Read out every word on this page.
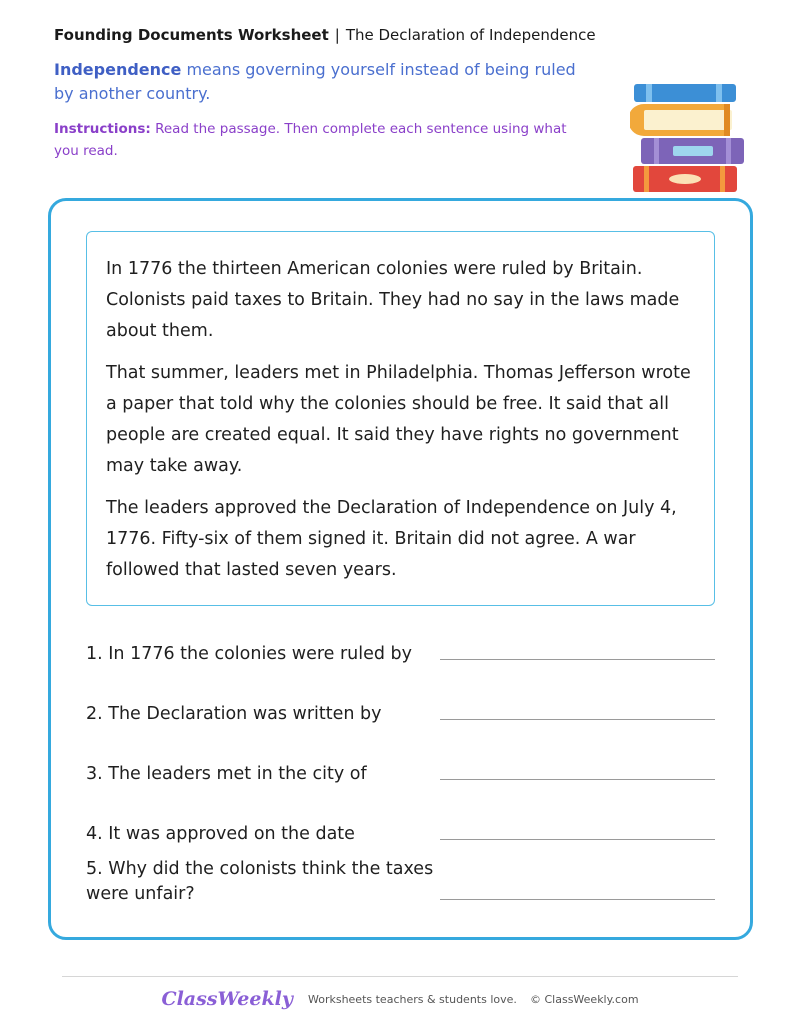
Founding Documents Worksheet | The Declaration of Independence
Independence means governing yourself instead of being ruled by another country.
Instructions: Read the passage. Then complete each sentence using what you read.

In 1776 the thirteen American colonies were ruled by Britain. Colonists paid taxes to Britain. They had no say in the laws made about them.

That summer, leaders met in Philadelphia. Thomas Jefferson wrote a paper that told why the colonies should be free. It said that all people are created equal. It said they have rights no government may take away.

The leaders approved the Declaration of Independence on July 4, 1776. Fifty-six of them signed it. Britain did not agree. A war followed that lasted seven years.

1. In 1776 the colonies were ruled by
2. The Declaration was written by
3. The leaders met in the city of
4. It was approved on the date
5. Why did the colonists think the taxes
were unfair?
ClassWeekly Worksheets teachers & students love. © ClassWeekly.com
